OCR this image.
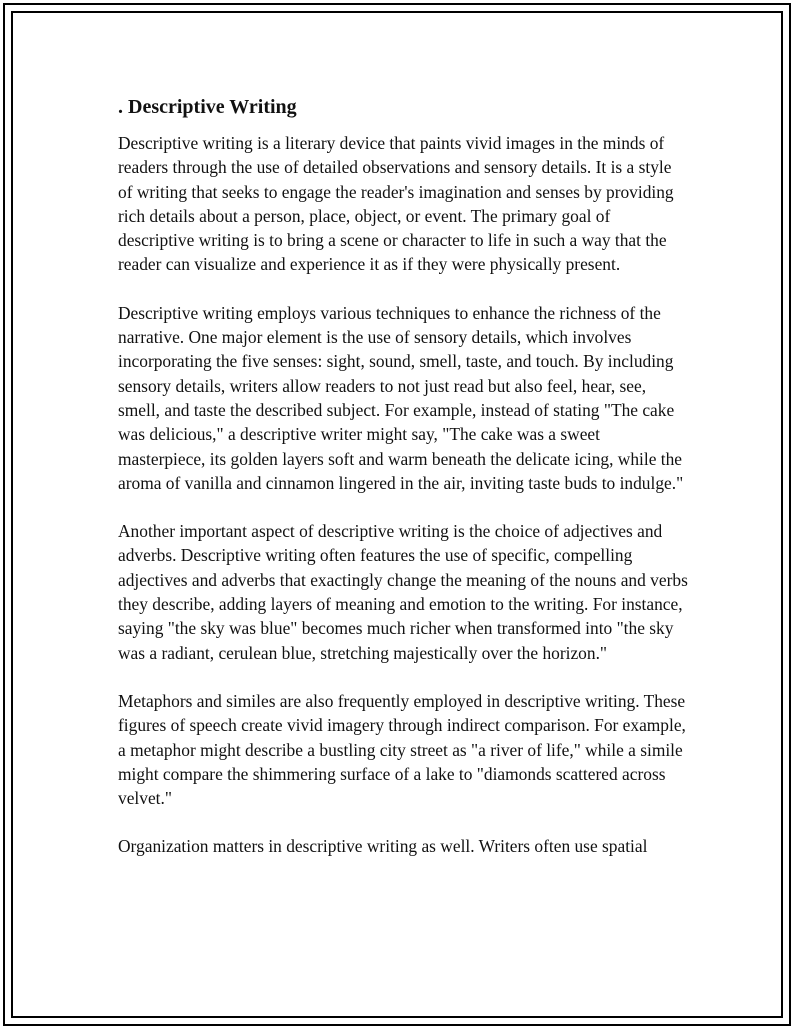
. Descriptive Writing

Descriptive writing is a literary device that paints vivid images in the minds of readers through the use of detailed observations and sensory details. It is a style of writing that seeks to engage the reader's imagination and senses by providing rich details about a person, place, object, or event. The primary goal of descriptive writing is to bring a scene or character to life in such a way that the reader can visualize and experience it as if they were physically present.

Descriptive writing employs various techniques to enhance the richness of the narrative. One major element is the use of sensory details, which involves incorporating the five senses: sight, sound, smell, taste, and touch. By including sensory details, writers allow readers to not just read but also feel, hear, see, smell, and taste the described subject. For example, instead of stating "The cake was delicious," a descriptive writer might say, "The cake was a sweet masterpiece, its golden layers soft and warm beneath the delicate icing, while the aroma of vanilla and cinnamon lingered in the air, inviting taste buds to indulge."

Another important aspect of descriptive writing is the choice of adjectives and adverbs. Descriptive writing often features the use of specific, compelling adjectives and adverbs that exactingly change the meaning of the nouns and verbs they describe, adding layers of meaning and emotion to the writing. For instance, saying "the sky was blue" becomes much richer when transformed into "the sky was a radiant, cerulean blue, stretching majestically over the horizon."

Metaphors and similes are also frequently employed in descriptive writing. These figures of speech create vivid imagery through indirect comparison. For example, a metaphor might describe a bustling city street as "a river of life," while a simile might compare the shimmering surface of a lake to "diamonds scattered across velvet."

Organization matters in descriptive writing as well. Writers often use spatial
